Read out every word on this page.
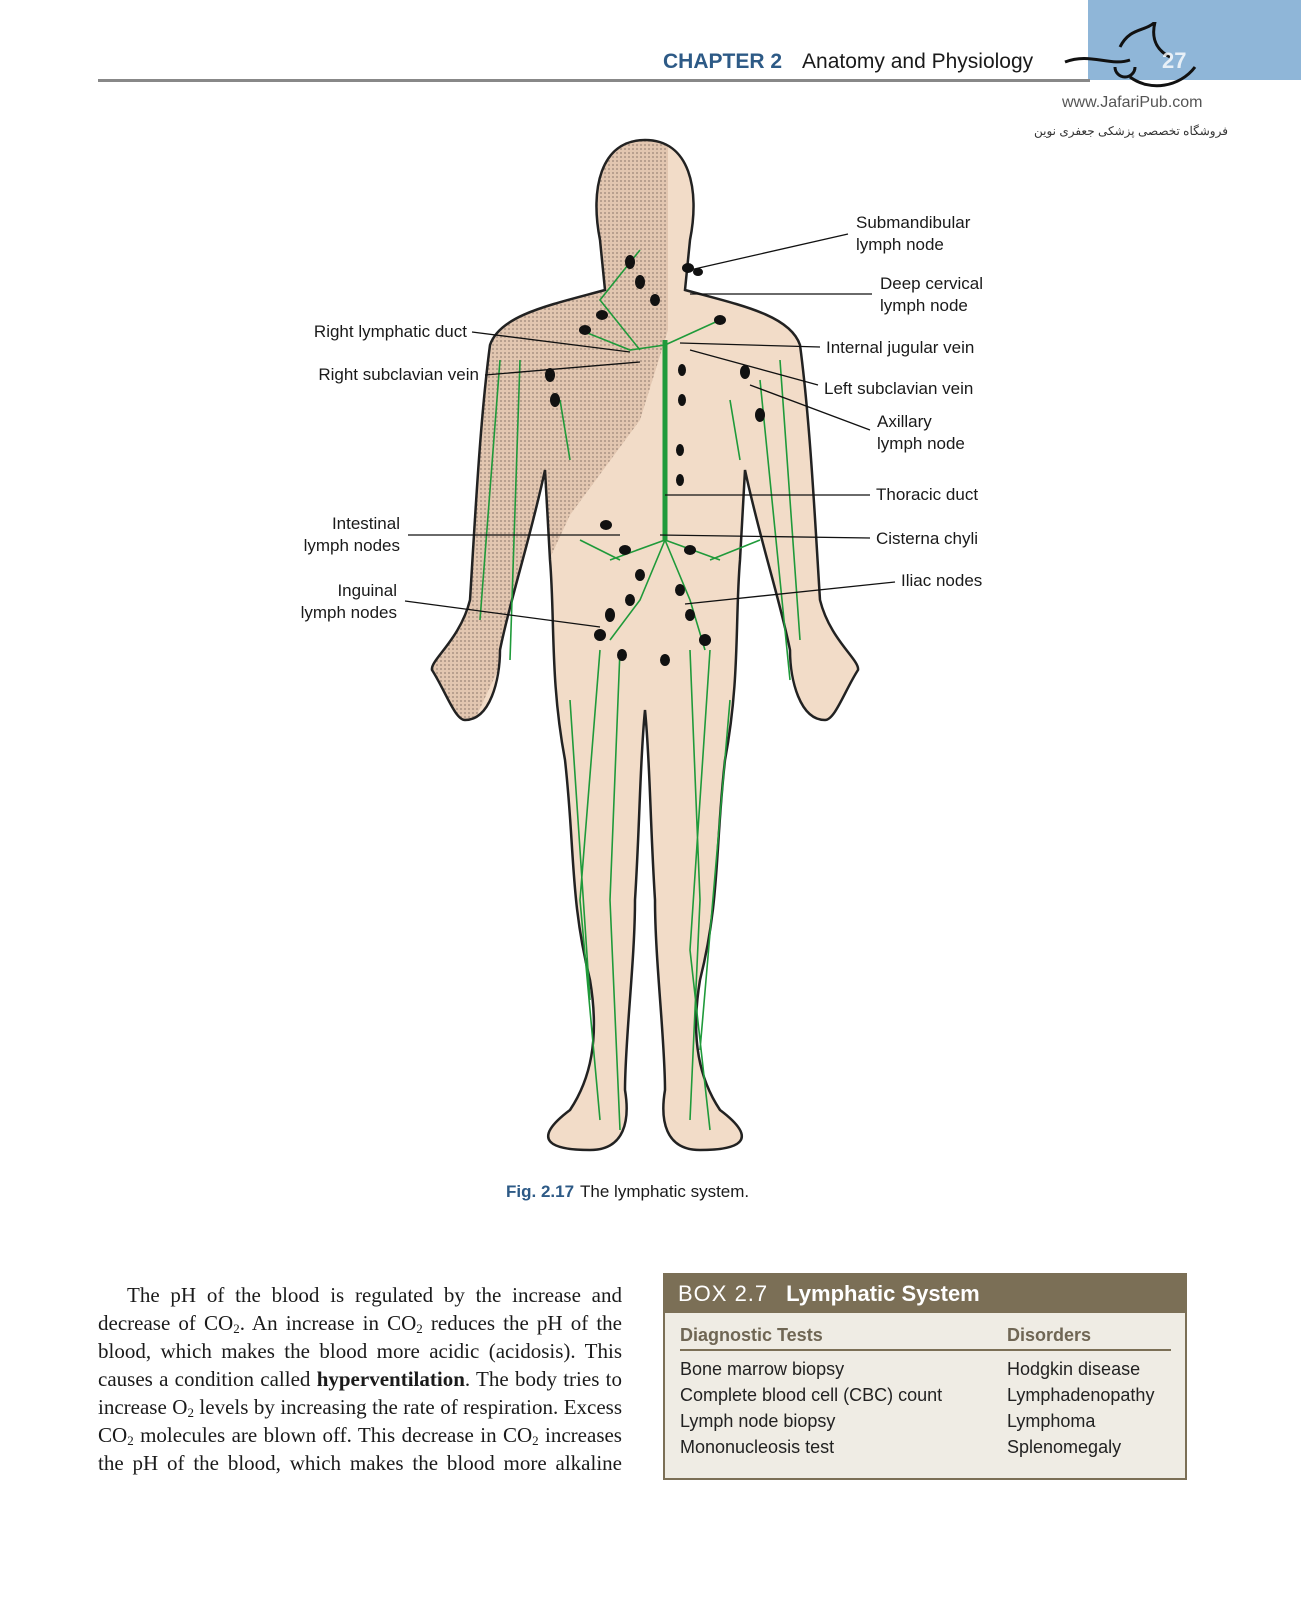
CHAPTER 2 Anatomy and Physiology	27
www.JafariPub.com
فروشگاه تخصصی پزشکی جعفری نوین
Submandibular
lymph node
Deep cervical
lymph node
Internal jugular vein
Left subclavian vein
Axillary
lymph node
Thoracic duct
Cisterna chyli
Iliac nodes
Right lymphatic duct
Right subclavian vein
Intestinal
lymph nodes
Inguinal
lymph nodes
Fig. 2.17 The lymphatic system.

The pH of the blood is regulated by the increase and decrease of $CO_2$. An increase in $CO_2$ reduces the pH of the blood, which makes the blood more acidic (acidosis). This causes a condition called hyperventilation. The body tries to increase $O_2$ levels by increasing the rate of respiration. Excess $CO_2$ molecules are blown off. This decrease in $CO_2$ increases the pH of the blood, which makes the blood more alkaline

BOX 2.7 Lymphatic System
Diagnostic Tests
Bone marrow biopsy
Complete blood cell (CBC) count
Lymph node biopsy
Mononucleosis test
Disorders
Hodgkin disease
Lymphadenopathy
Lymphoma
Splenomegaly
